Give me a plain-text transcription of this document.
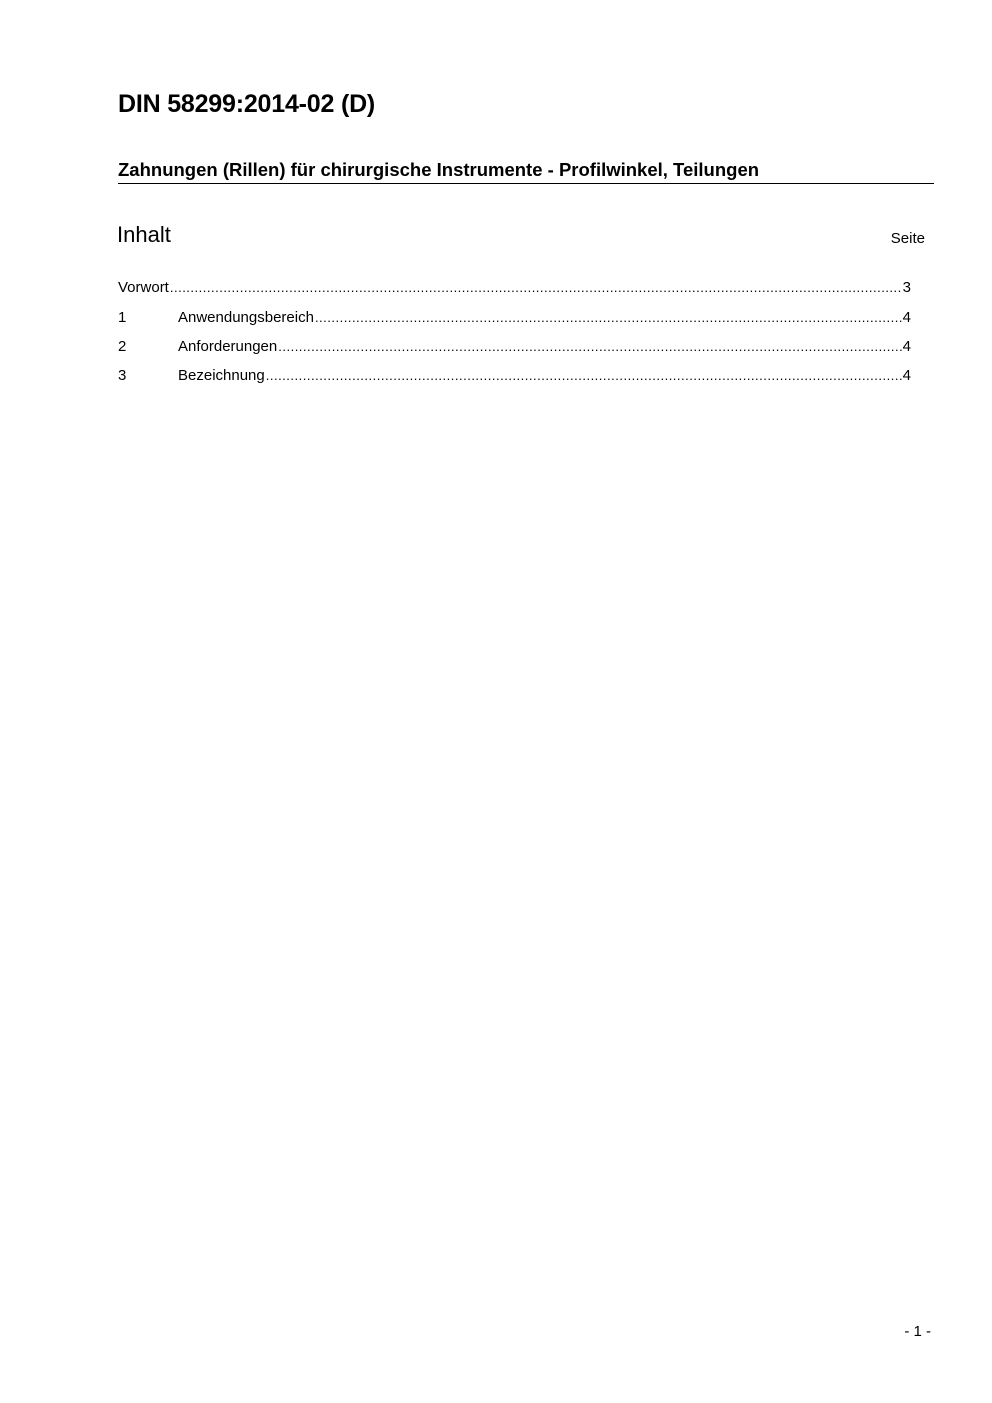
DIN 58299:2014-02 (D)
Zahnungen (Rillen) für chirurgische Instrumente - Profilwinkel, Teilungen
Inhalt	Seite
Vorwort .....	3
1	Anwendungsbereich .....	4
2	Anforderungen .....	4
3	Bezeichnung .....	4
- 1 -
